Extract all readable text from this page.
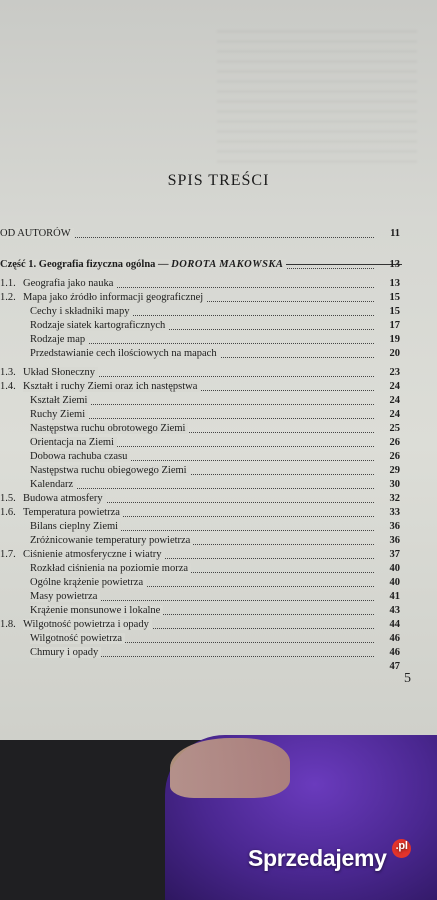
SPIS TREŚCI
OD AUTORÓW	11
Część 1. Geografia fizyczna ogólna — DOROTA MAKOWSKA	13
1.1. Geografia jako nauka	13
1.2. Mapa jako źródło informacji geograficznej	15
Cechy i składniki mapy	15
Rodzaje siatek kartograficznych	17
Rodzaje map	19
Przedstawianie cech ilościowych na mapach	20
1.3. Układ Słoneczny	23
1.4. Kształt i ruchy Ziemi oraz ich następstwa	24
Kształt Ziemi	24
Ruchy Ziemi	24
Następstwa ruchu obrotowego Ziemi	25
Orientacja na Ziemi	26
Dobowa rachuba czasu	26
Następstwa ruchu obiegowego Ziemi	29
Kalendarz	30
1.5. Budowa atmosfery	32
1.6. Temperatura powietrza	33
Bilans cieplny Ziemi	36
Zróżnicowanie temperatury powietrza	36
1.7. Ciśnienie atmosferyczne i wiatry	37
Rozkład ciśnienia na poziomie morza	40
Ogólne krążenie powietrza	40
Masy powietrza	41
Krążenie monsunowe i lokalne	43
1.8. Wilgotność powietrza i opady	44
Wilgotność powietrza	46
Chmury i opady	46
47
5
Sprzedajemy .pl
